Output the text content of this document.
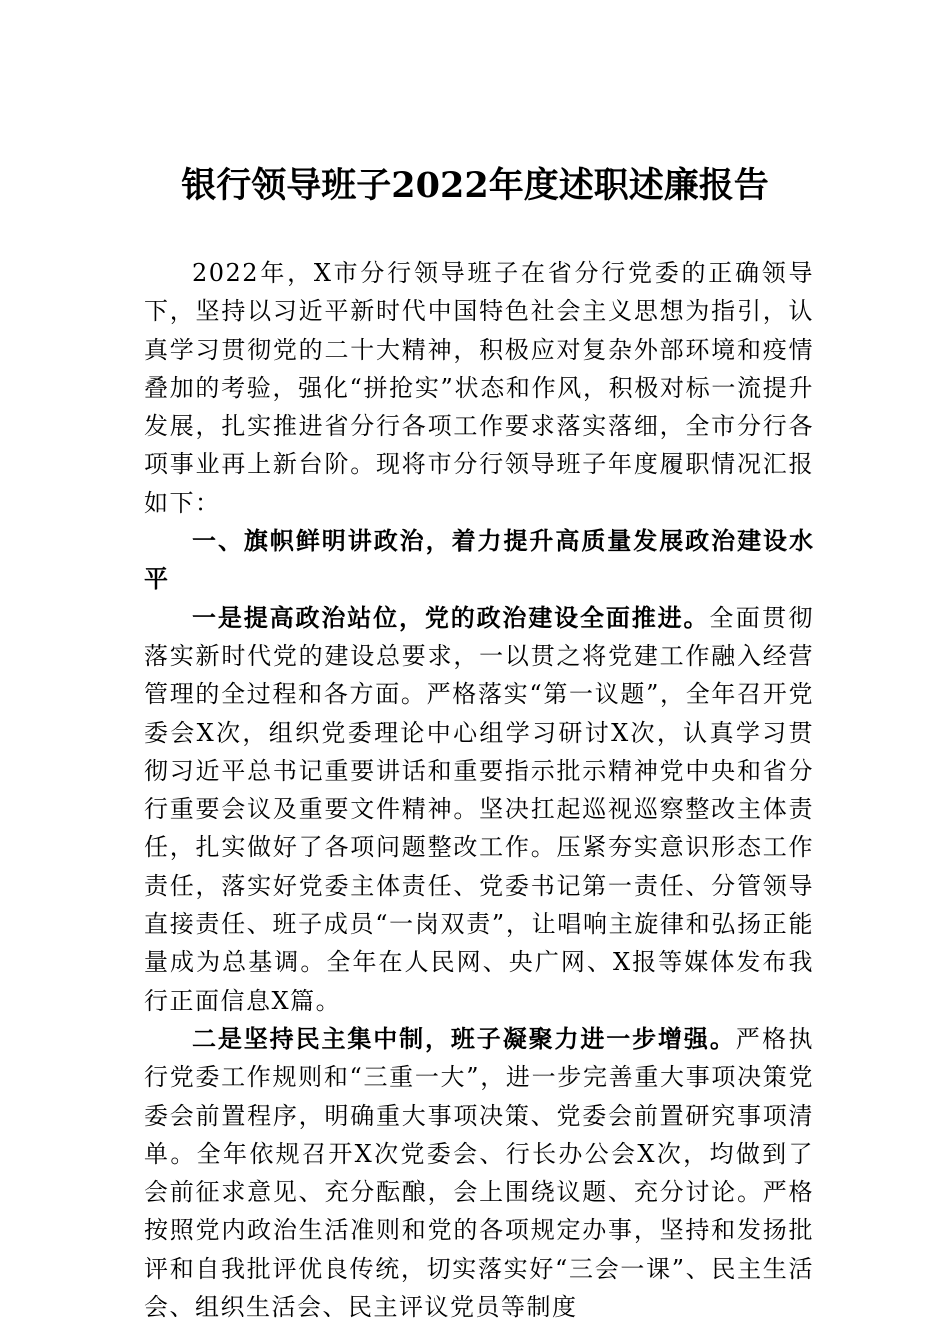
银行领导班子2022年度述职述廉报告

2022年，X市分行领导班子在省分行党委的正确领导下，坚持以习近平新时代中国特色社会主义思想为指引，认真学习贯彻党的二十大精神，积极应对复杂外部环境和疫情叠加的考验，强化“拼抢实”状态和作风，积极对标一流提升发展，扎实推进省分行各项工作要求落实落细，全市分行各项事业再上新台阶。现将市分行领导班子年度履职情况汇报如下：

一、旗帜鲜明讲政治，着力提升高质量发展政治建设水平

一是提高政治站位，党的政治建设全面推进。全面贯彻落实新时代党的建设总要求，一以贯之将党建工作融入经营管理的全过程和各方面。严格落实“第一议题”，全年召开党委会X次，组织党委理论中心组学习研讨X次，认真学习贯彻习近平总书记重要讲话和重要指示批示精神党中央和省分行重要会议及重要文件精神。坚决扛起巡视巡察整改主体责任，扎实做好了各项问题整改工作。压紧夯实意识形态工作责任，落实好党委主体责任、党委书记第一责任、分管领导直接责任、班子成员“一岗双责”，让唱响主旋律和弘扬正能量成为总基调。全年在人民网、央广网、X报等媒体发布我行正面信息X篇。

二是坚持民主集中制，班子凝聚力进一步增强。严格执行党委工作规则和“三重一大”，进一步完善重大事项决策党委会前置程序，明确重大事项决策、党委会前置研究事项清单。全年依规召开X次党委会、行长办公会X次，均做到了会前征求意见、充分酝酿，会上围绕议题、充分讨论。严格按照党内政治生活准则和党的各项规定办事，坚持和发扬批评和自我批评优良传统，切实落实好“三会一课”、民主生活会、组织生活会、民主评议党员等制度
